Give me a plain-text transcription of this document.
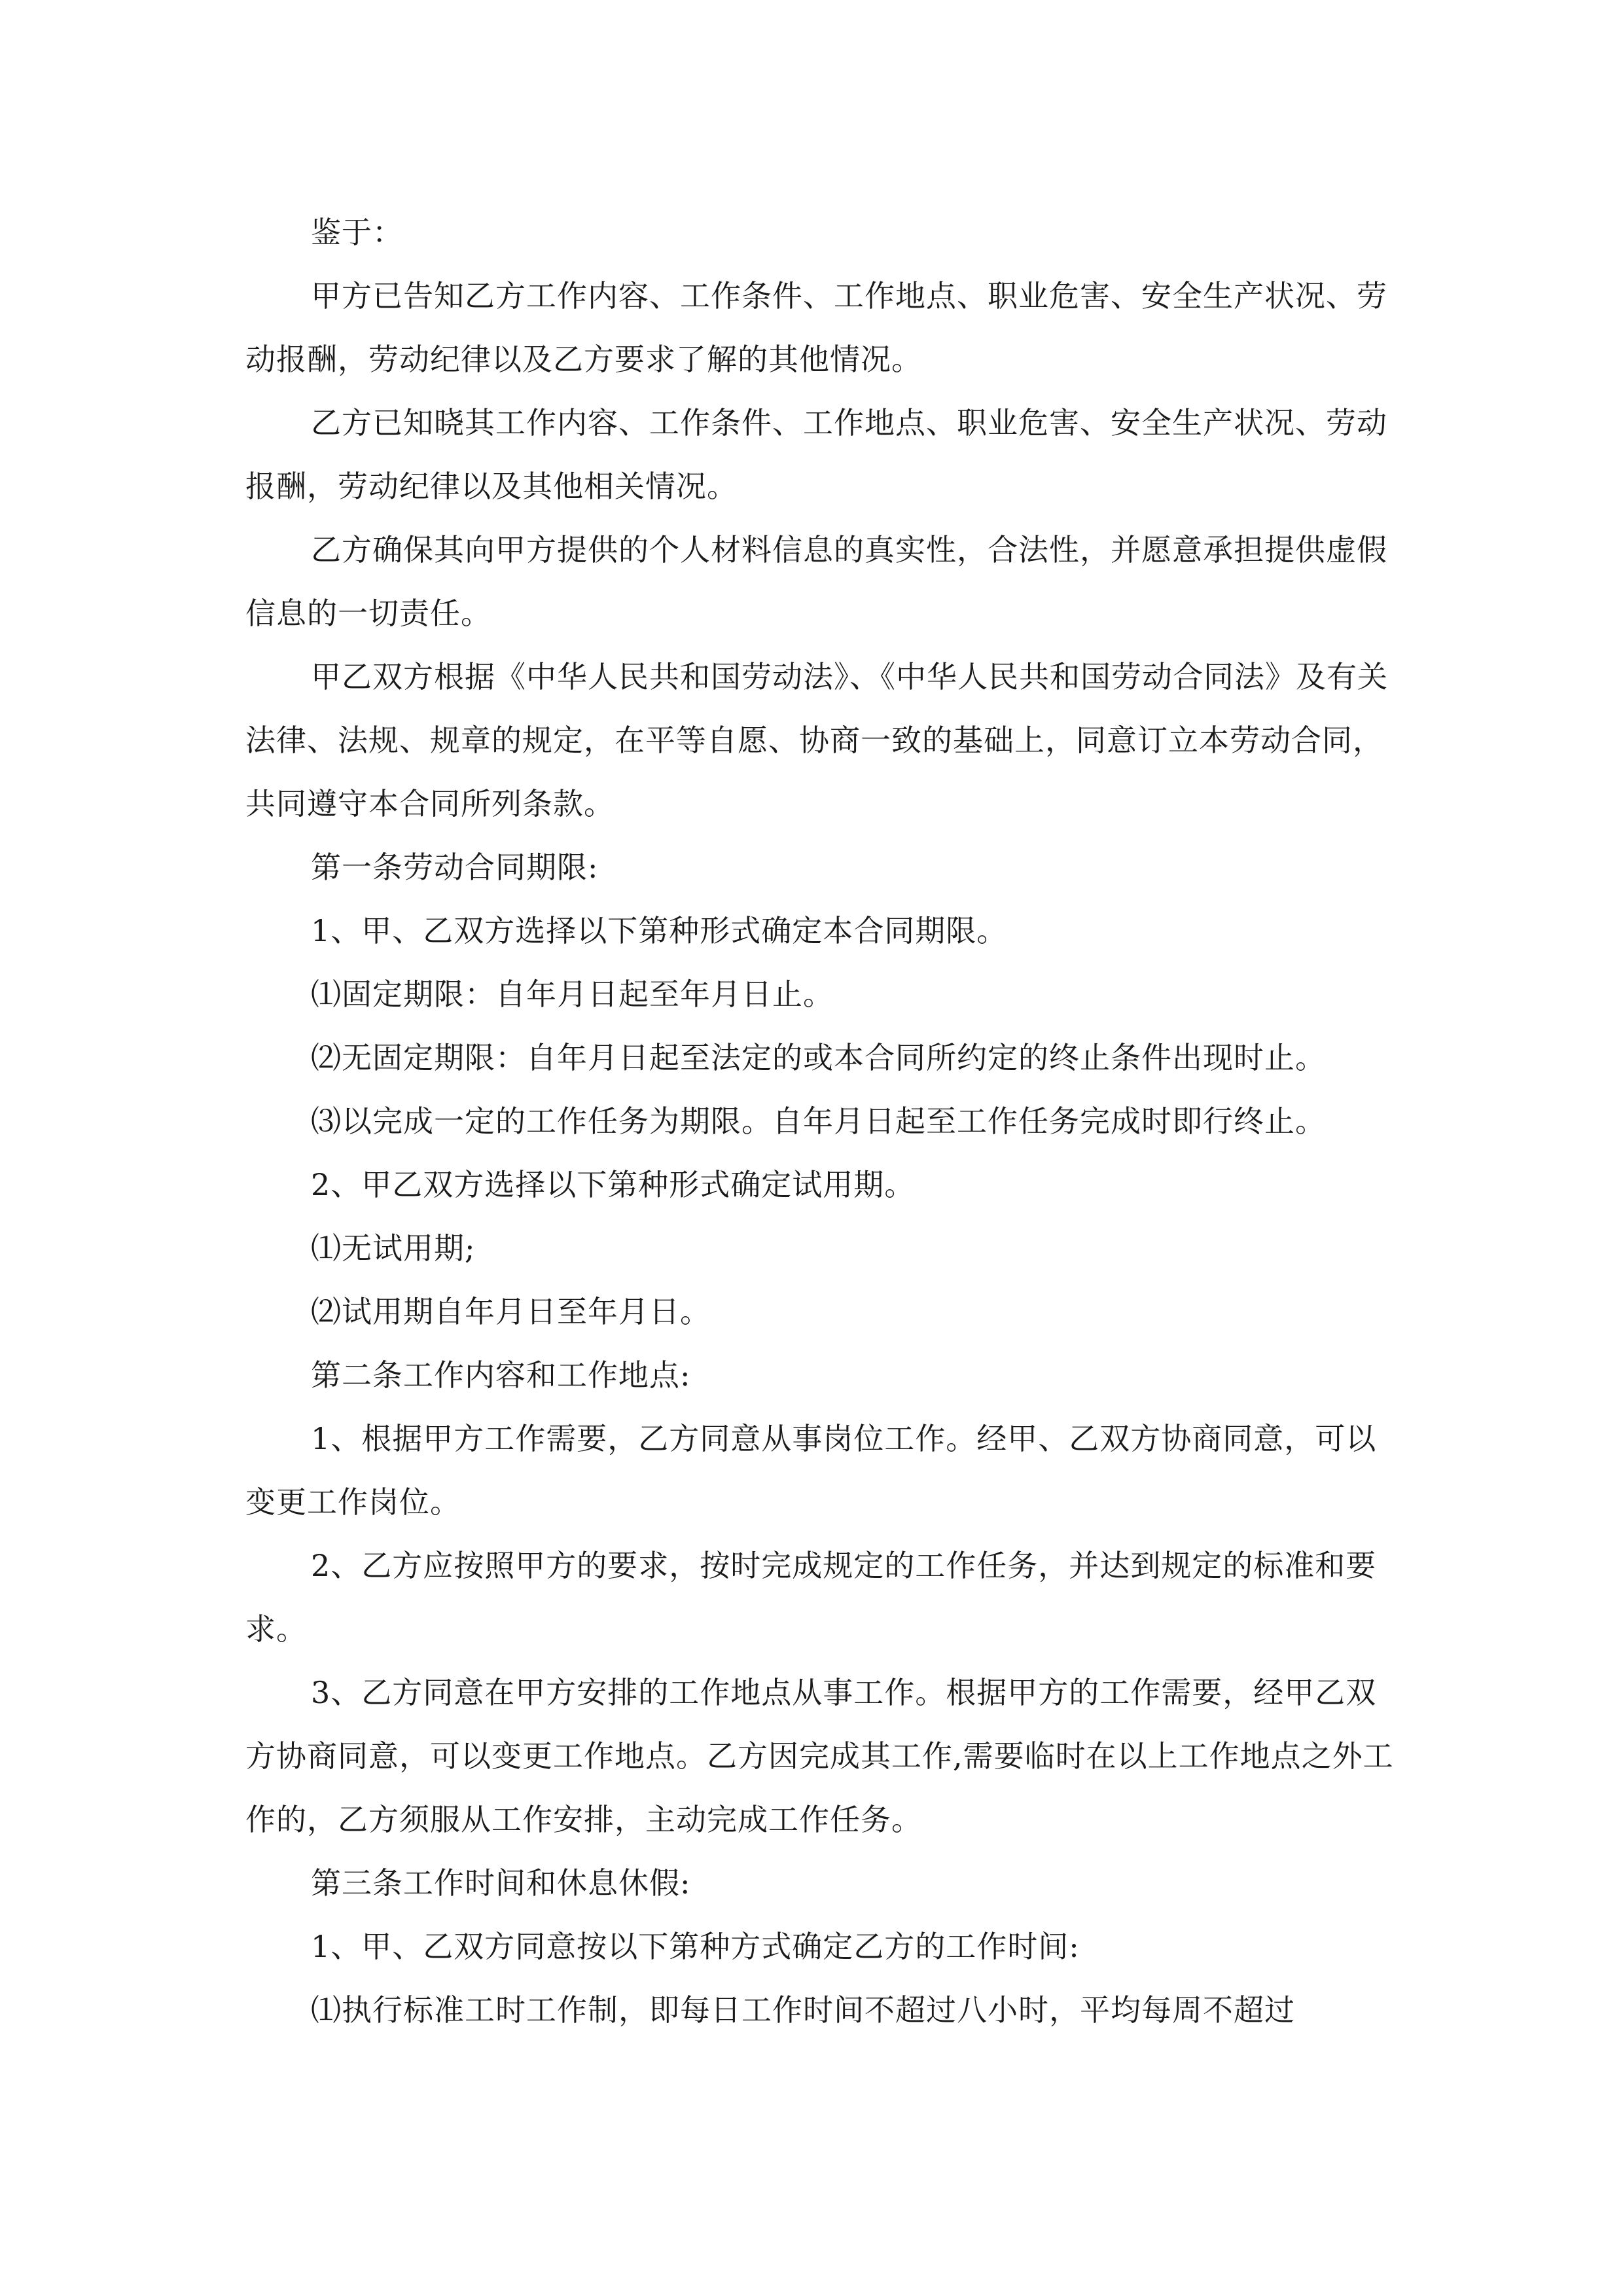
鉴于：

甲方已告知乙方工作内容、工作条件、工作地点、职业危害、安全生产状况、劳动报酬，劳动纪律以及乙方要求了解的其他情况。

乙方已知晓其工作内容、工作条件、工作地点、职业危害、安全生产状况、劳动报酬，劳动纪律以及其他相关情况。

乙方确保其向甲方提供的个人材料信息的真实性，合法性，并愿意承担提供虚假信息的一切责任。

甲乙双方根据《中华人民共和国劳动法》、《中华人民共和国劳动合同法》及有关法律、法规、规章的规定，在平等自愿、协商一致的基础上，同意订立本劳动合同，共同遵守本合同所列条款。

第一条劳动合同期限:

1、甲、乙双方选择以下第种形式确定本合同期限。

⑴固定期限：自年月日起至年月日止。

⑵无固定期限：自年月日起至法定的或本合同所约定的终止条件出现时止。

⑶以完成一定的工作任务为期限。自年月日起至工作任务完成时即行终止。

2、甲乙双方选择以下第种形式确定试用期。

⑴无试用期;

⑵试用期自年月日至年月日。

第二条工作内容和工作地点:

1、根据甲方工作需要，乙方同意从事岗位工作。经甲、乙双方协商同意，可以变更工作岗位。

2、乙方应按照甲方的要求，按时完成规定的工作任务，并达到规定的标准和要求。

3、乙方同意在甲方安排的工作地点从事工作。根据甲方的工作需要，经甲乙双方协商同意，可以变更工作地点。乙方因完成其工作,需要临时在以上工作地点之外工作的，乙方须服从工作安排，主动完成工作任务。

第三条工作时间和休息休假:

1、甲、乙双方同意按以下第种方式确定乙方的工作时间:

⑴执行标准工时工作制，即每日工作时间不超过八小时，平均每周不超过
